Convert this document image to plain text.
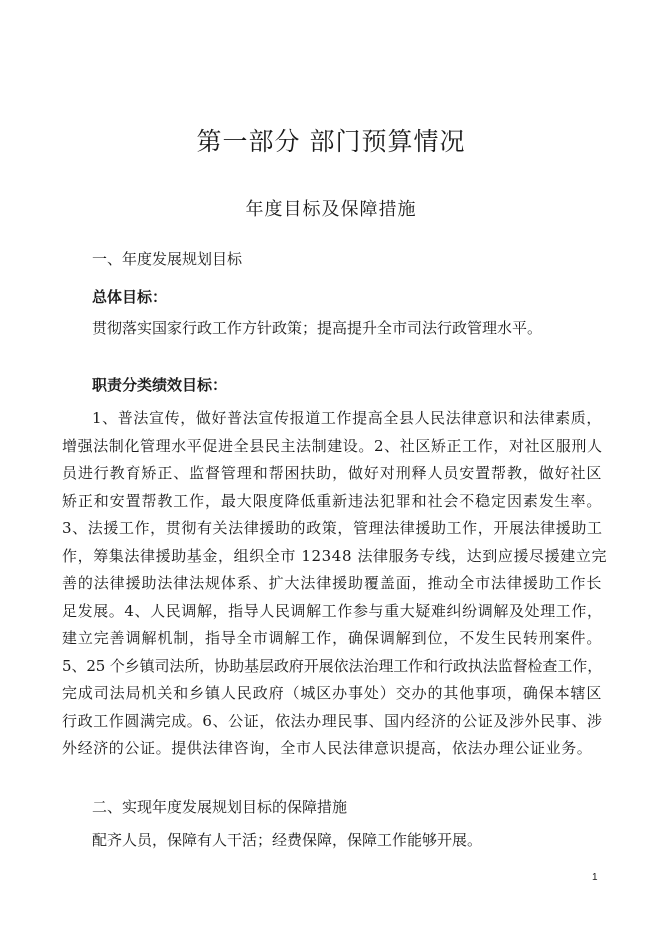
第一部分 部门预算情况
年度目标及保障措施
一、年度发展规划目标
总体目标：
贯彻落实国家行政工作方针政策；提高提升全市司法行政管理水平。
职责分类绩效目标：
1、普法宣传，做好普法宣传报道工作提高全县人民法律意识和法律素质，
增强法制化管理水平促进全县民主法制建设。2、社区矫正工作，对社区服刑人
员进行教育矫正、监督管理和帮困扶助，做好对刑释人员安置帮教，做好社区
矫正和安置帮教工作，最大限度降低重新违法犯罪和社会不稳定因素发生率。
3、法援工作，贯彻有关法律援助的政策，管理法律援助工作，开展法律援助工
作，筹集法律援助基金，组织全市 12348 法律服务专线，达到应援尽援建立完
善的法律援助法律法规体系、扩大法律援助覆盖面，推动全市法律援助工作长
足发展。4、人民调解，指导人民调解工作参与重大疑难纠纷调解及处理工作，
建立完善调解机制，指导全市调解工作，确保调解到位，不发生民转刑案件。
5、25 个乡镇司法所，协助基层政府开展依法治理工作和行政执法监督检查工作，
完成司法局机关和乡镇人民政府（城区办事处）交办的其他事项，确保本辖区
行政工作圆满完成。6、公证，依法办理民事、国内经济的公证及涉外民事、涉
外经济的公证。提供法律咨询，全市人民法律意识提高，依法办理公证业务。
二、实现年度发展规划目标的保障措施
配齐人员，保障有人干活；经费保障，保障工作能够开展。
1
